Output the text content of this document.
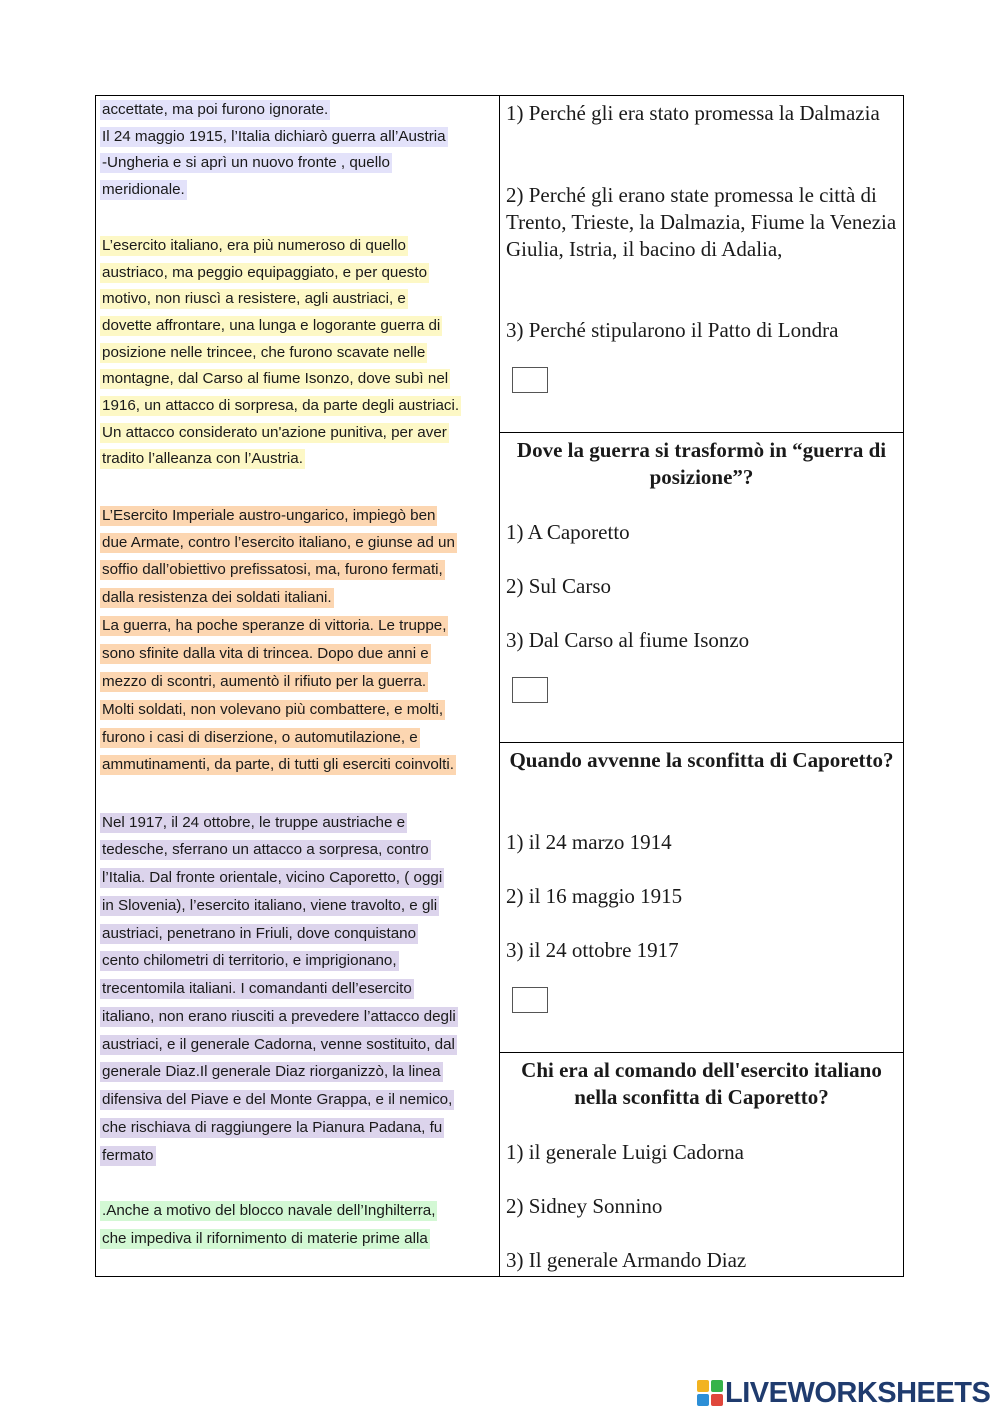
accettate, ma poi furono ignorate.
Il 24 maggio 1915, l’Italia dichiarò guerra all’Austria
-Ungheria e si aprì un nuovo fronte , quello
meridionale.
L’esercito italiano, era più numeroso di quello
austriaco, ma peggio equipaggiato, e per questo
motivo, non riuscì a resistere, agli austriaci, e
dovette affrontare, una lunga e logorante guerra di
posizione nelle trincee, che furono scavate nelle
montagne, dal Carso al fiume Isonzo, dove subì nel
1916, un attacco di sorpresa, da parte degli austriaci.
Un attacco considerato un'azione punitiva, per aver
tradito l’alleanza con l’Austria.
L’Esercito Imperiale austro-ungarico, impiegò ben
due Armate, contro l’esercito italiano, e giunse ad un
soffio dall’obiettivo prefissatosi, ma, furono fermati,
dalla resistenza dei soldati italiani.
La guerra, ha poche speranze di vittoria. Le truppe,
sono sfinite dalla vita di trincea. Dopo due anni e
mezzo di scontri, aumentò il rifiuto per la guerra.
Molti soldati, non volevano più combattere, e molti,
furono i casi di diserzione, o automutilazione, e
ammutinamenti, da parte, di tutti gli eserciti coinvolti.
Nel 1917, il 24 ottobre, le truppe austriache e
tedesche, sferrano un attacco a sorpresa, contro
l’Italia. Dal fronte orientale, vicino Caporetto, ( oggi
in Slovenia), l’esercito italiano, viene travolto, e gli
austriaci, penetrano in Friuli, dove conquistano
cento chilometri di territorio, e imprigionano,
trecentomila italiani. I comandanti dell’esercito
italiano, non erano riusciti a prevedere l’attacco degli
austriaci, e il generale Cadorna, venne sostituito, dal
generale Diaz.Il generale Diaz riorganizzò, la linea
difensiva del Piave e del Monte Grappa, e il nemico,
che rischiava di raggiungere la Pianura Padana, fu
fermato
.Anche a motivo del blocco navale dell’Inghilterra,
che impediva il rifornimento di materie prime alla
1) Perché gli era stato promessa la Dalmazia
2) Perché gli erano state promessa le città di Trento, Trieste, la Dalmazia, Fiume la Venezia Giulia, Istria, il bacino di Adalia,
3) Perché stipularono il Patto di Londra
Dove la guerra si trasformò in “guerra di posizione”?
1) A Caporetto
2) Sul Carso
3) Dal Carso al fiume Isonzo
Quando avvenne la sconfitta di Caporetto?
1) il 24 marzo 1914
2) il 16 maggio 1915
3) il 24 ottobre 1917
Chi era al comando dell'esercito italiano nella sconfitta di Caporetto?
1) il generale Luigi Cadorna
2) Sidney Sonnino
3) Il generale Armando Diaz
LIVEWORKSHEETS
